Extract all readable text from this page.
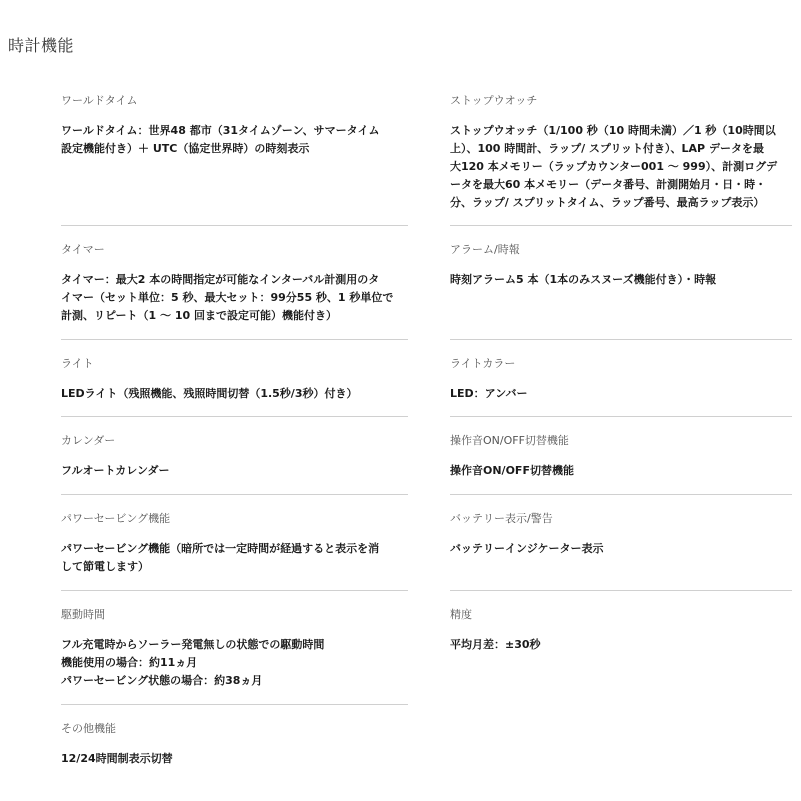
時計機能
ワールドタイム
ワールドタイム：世界48 都市（31タイムゾーン、サマータイム
設定機能付き）＋ UTC（協定世界時）の時刻表示
ストップウオッチ
ストップウオッチ（1/100 秒（10 時間未満）／1 秒（10時間以
上）、100 時間計、ラップ/ スプリット付き）、LAP データを最
大120 本メモリー（ラップカウンター001 ～ 999）、計測ログデ
ータを最大60 本メモリー（データ番号、計測開始月・日・時・
分、ラップ/ スプリットタイム、ラップ番号、最高ラップ表示）
タイマー
タイマー：最大2 本の時間指定が可能なインターバル計測用のタ
イマー（セット単位：5 秒、最大セット：99分55 秒、1 秒単位で
計測、リピート（1 ～ 10 回まで設定可能）機能付き）
アラーム/時報
時刻アラーム5 本（1本のみスヌーズ機能付き）・時報
ライト
LEDライト（残照機能、残照時間切替（1.5秒/3秒）付き）
ライトカラー
LED：アンバー
カレンダー
フルオートカレンダー
操作音ON/OFF切替機能
操作音ON/OFF切替機能
パワーセービング機能
パワーセービング機能（暗所では一定時間が経過すると表示を消
して節電します）
バッテリー表示/警告
バッテリーインジケーター表示
駆動時間
フル充電時からソーラー発電無しの状態での駆動時間
機能使用の場合：約11ヵ月
パワーセービング状態の場合：約38ヵ月
精度
平均月差：±30秒
その他機能
12/24時間制表示切替
